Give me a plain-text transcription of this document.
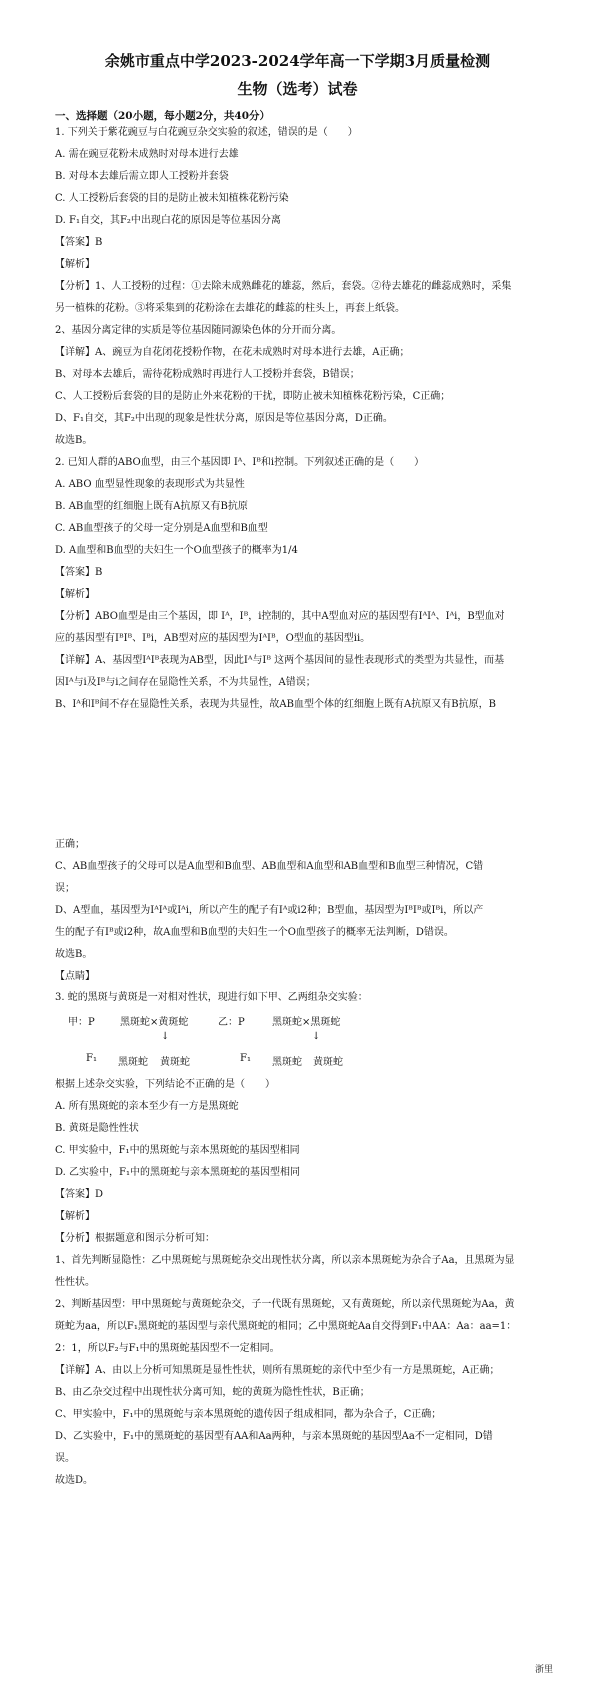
余姚市重点中学2023-2024学年高一下学期3月质量检测
生物（选考）试卷
一、选择题（20小题，每小题2分，共40分）
1. 下列关于紫花豌豆与白花豌豆杂交实验的叙述，错误的是（　　）
A. 需在豌豆花粉未成熟时对母本进行去雄
B. 对母本去雄后需立即人工授粉并套袋
C. 人工授粉后套袋的目的是防止被未知植株花粉污染
D. F₁自交，其F₂中出现白花的原因是等位基因分离
【答案】B
【解析】
【分析】1、人工授粉的过程：①去除未成熟雌花的雄蕊，然后，套袋。②待去雄花的雌蕊成熟时，采集
另一植株的花粉。③将采集到的花粉涂在去雄花的雌蕊的柱头上，再套上纸袋。
2、基因分离定律的实质是等位基因随同源染色体的分开而分离。
【详解】A、豌豆为自花闭花授粉作物，在花未成熟时对母本进行去雄，A正确；
B、对母本去雄后，需待花粉成熟时再进行人工授粉并套袋，B错误；
C、人工授粉后套袋的目的是防止外来花粉的干扰，即防止被未知植株花粉污染，C正确；
D、F₁自交，其F₂中出现的现象是性状分离，原因是等位基因分离，D正确。
故选B。
2. 已知人群的ABO血型，由三个基因即 Iᴬ、Iᴮ和i控制。下列叙述正确的是（　　）
A. ABO 血型显性现象的表现形式为共显性
B. AB血型的红细胞上既有A抗原又有B抗原
C. AB血型孩子的父母一定分别是A血型和B血型
D. A血型和B血型的夫妇生一个O血型孩子的概率为1/4
【答案】B
【解析】
【分析】ABO血型是由三个基因，即 Iᴬ，Iᴮ，i控制的，其中A型血对应的基因型有IᴬIᴬ、Iᴬi，B型血对
应的基因型有IᴮIᴮ、Iᴮi，AB型对应的基因型为IᴬIᴮ，O型血的基因型ii。
【详解】A、基因型IᴬIᴮ表现为AB型，因此Iᴬ与Iᴮ 这两个基因间的显性表现形式的类型为共显性，而基
因Iᴬ与i及Iᴮ与i之间存在显隐性关系，不为共显性，A错误；
B、Iᴬ和Iᴮ间不存在显隐性关系，表现为共显性，故AB血型个体的红细胞上既有A抗原又有B抗原，B
正确；
C、AB血型孩子的父母可以是A血型和B血型、AB血型和A血型和AB血型和B血型三种情况，C错
误；
D、A型血，基因型为IᴬIᴬ或Iᴬi，所以产生的配子有Iᴬ或i2种；B型血，基因型为IᴮIᴮ或Iᴮi，所以产
生的配子有Iᴮ或i2种，故A血型和B血型的夫妇生一个O血型孩子的概率无法判断，D错误。
故选B。
【点睛】
3. 蛇的黑斑与黄斑是一对相对性状，现进行如下甲、乙两组杂交实验：
根据上述杂交实验，下列结论不正确的是（　　）
A. 所有黑斑蛇的亲本至少有一方是黑斑蛇
B. 黄斑是隐性性状
C. 甲实验中，F₁中的黑斑蛇与亲本黑斑蛇的基因型相同
D. 乙实验中，F₁中的黑斑蛇与亲本黑斑蛇的基因型相同
【答案】D
【解析】
【分析】根据题意和图示分析可知：
1、首先判断显隐性：乙中黑斑蛇与黑斑蛇杂交出现性状分离，所以亲本黑斑蛇为杂合子Aa，且黑斑为显
性性状。
2、判断基因型：甲中黑斑蛇与黄斑蛇杂交，子一代既有黑斑蛇，又有黄斑蛇，所以亲代黑斑蛇为Aa，黄
斑蛇为aa，所以F₁黑斑蛇的基因型与亲代黑斑蛇的相同；乙中黑斑蛇Aa自交得到F₁中AA：Aa：aa=1：
2：1，所以F₂与F₁中的黑斑蛇基因型不一定相同。
【详解】A、由以上分析可知黑斑是显性性状，则所有黑斑蛇的亲代中至少有一方是黑斑蛇，A正确；
B、由乙杂交过程中出现性状分离可知，蛇的黄斑为隐性性状，B正确；
C、甲实验中，F₁中的黑斑蛇与亲本黑斑蛇的遗传因子组成相同，都为杂合子，C正确；
D、乙实验中，F₁中的黑斑蛇的基因型有AA和Aa两种，与亲本黑斑蛇的基因型Aa不一定相同，D错
误。
故选D。
甲：P	黑斑蛇×黄斑蛇
↓
F₁ 黑斑蛇 黄斑蛇
乙：P	黑斑蛇×黑斑蛇
↓
F₁ 黑斑蛇 黄斑蛇
浙里
